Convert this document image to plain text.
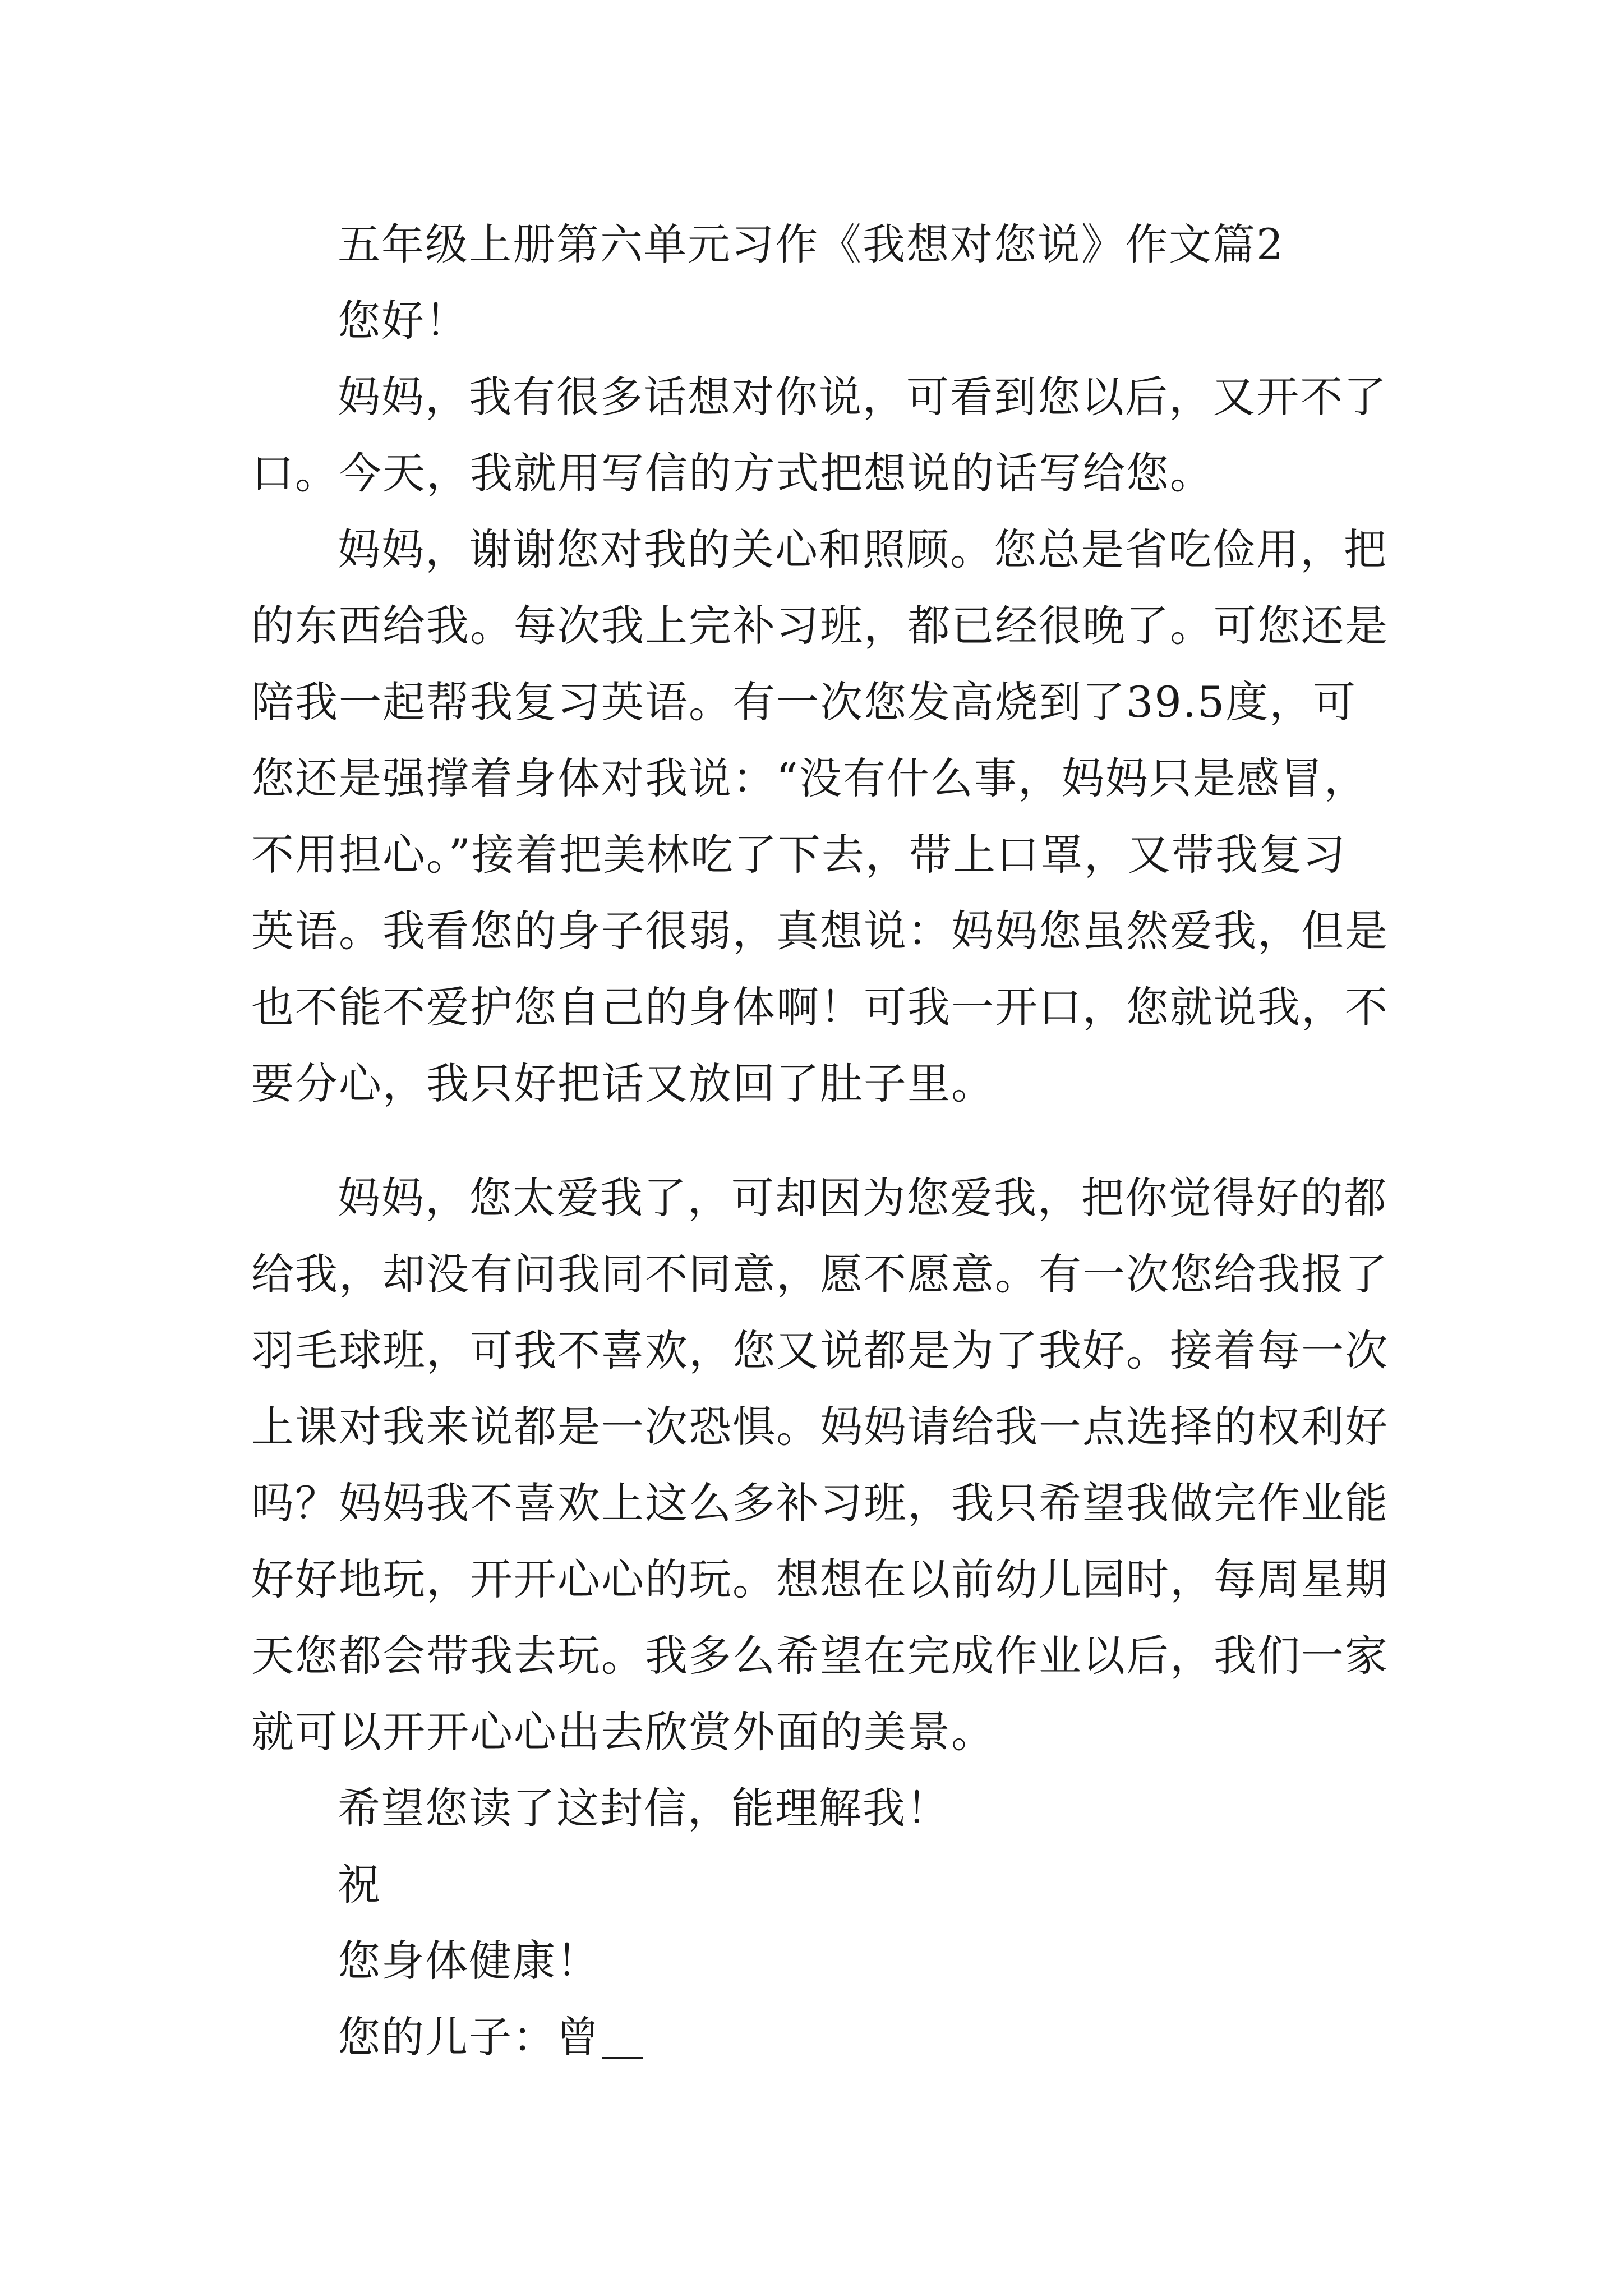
五年级上册第六单元习作《我想对您说》作文篇2
您好！
妈妈，我有很多话想对你说，可看到您以后，又开不了
口。今天，我就用写信的方式把想说的话写给您。
妈妈，谢谢您对我的关心和照顾。您总是省吃俭用，把
的东西给我。每次我上完补习班，都已经很晚了。可您还是
陪我一起帮我复习英语。有一次您发高烧到了39.5度，可
您还是强撑着身体对我说：“没有什么事，妈妈只是感冒，
不用担心。”接着把美林吃了下去，带上口罩，又带我复习
英语。我看您的身子很弱，真想说：妈妈您虽然爱我，但是
也不能不爱护您自己的身体啊！可我一开口，您就说我，不
要分心，我只好把话又放回了肚子里。
妈妈，您太爱我了，可却因为您爱我，把你觉得好的都
给我，却没有问我同不同意，愿不愿意。有一次您给我报了
羽毛球班，可我不喜欢，您又说都是为了我好。接着每一次
上课对我来说都是一次恐惧。妈妈请给我一点选择的权利好
吗？妈妈我不喜欢上这么多补习班，我只希望我做完作业能
好好地玩，开开心心的玩。想想在以前幼儿园时，每周星期
天您都会带我去玩。我多么希望在完成作业以后，我们一家
就可以开开心心出去欣赏外面的美景。
希望您读了这封信，能理解我！
祝
您身体健康！
您的儿子：曾
